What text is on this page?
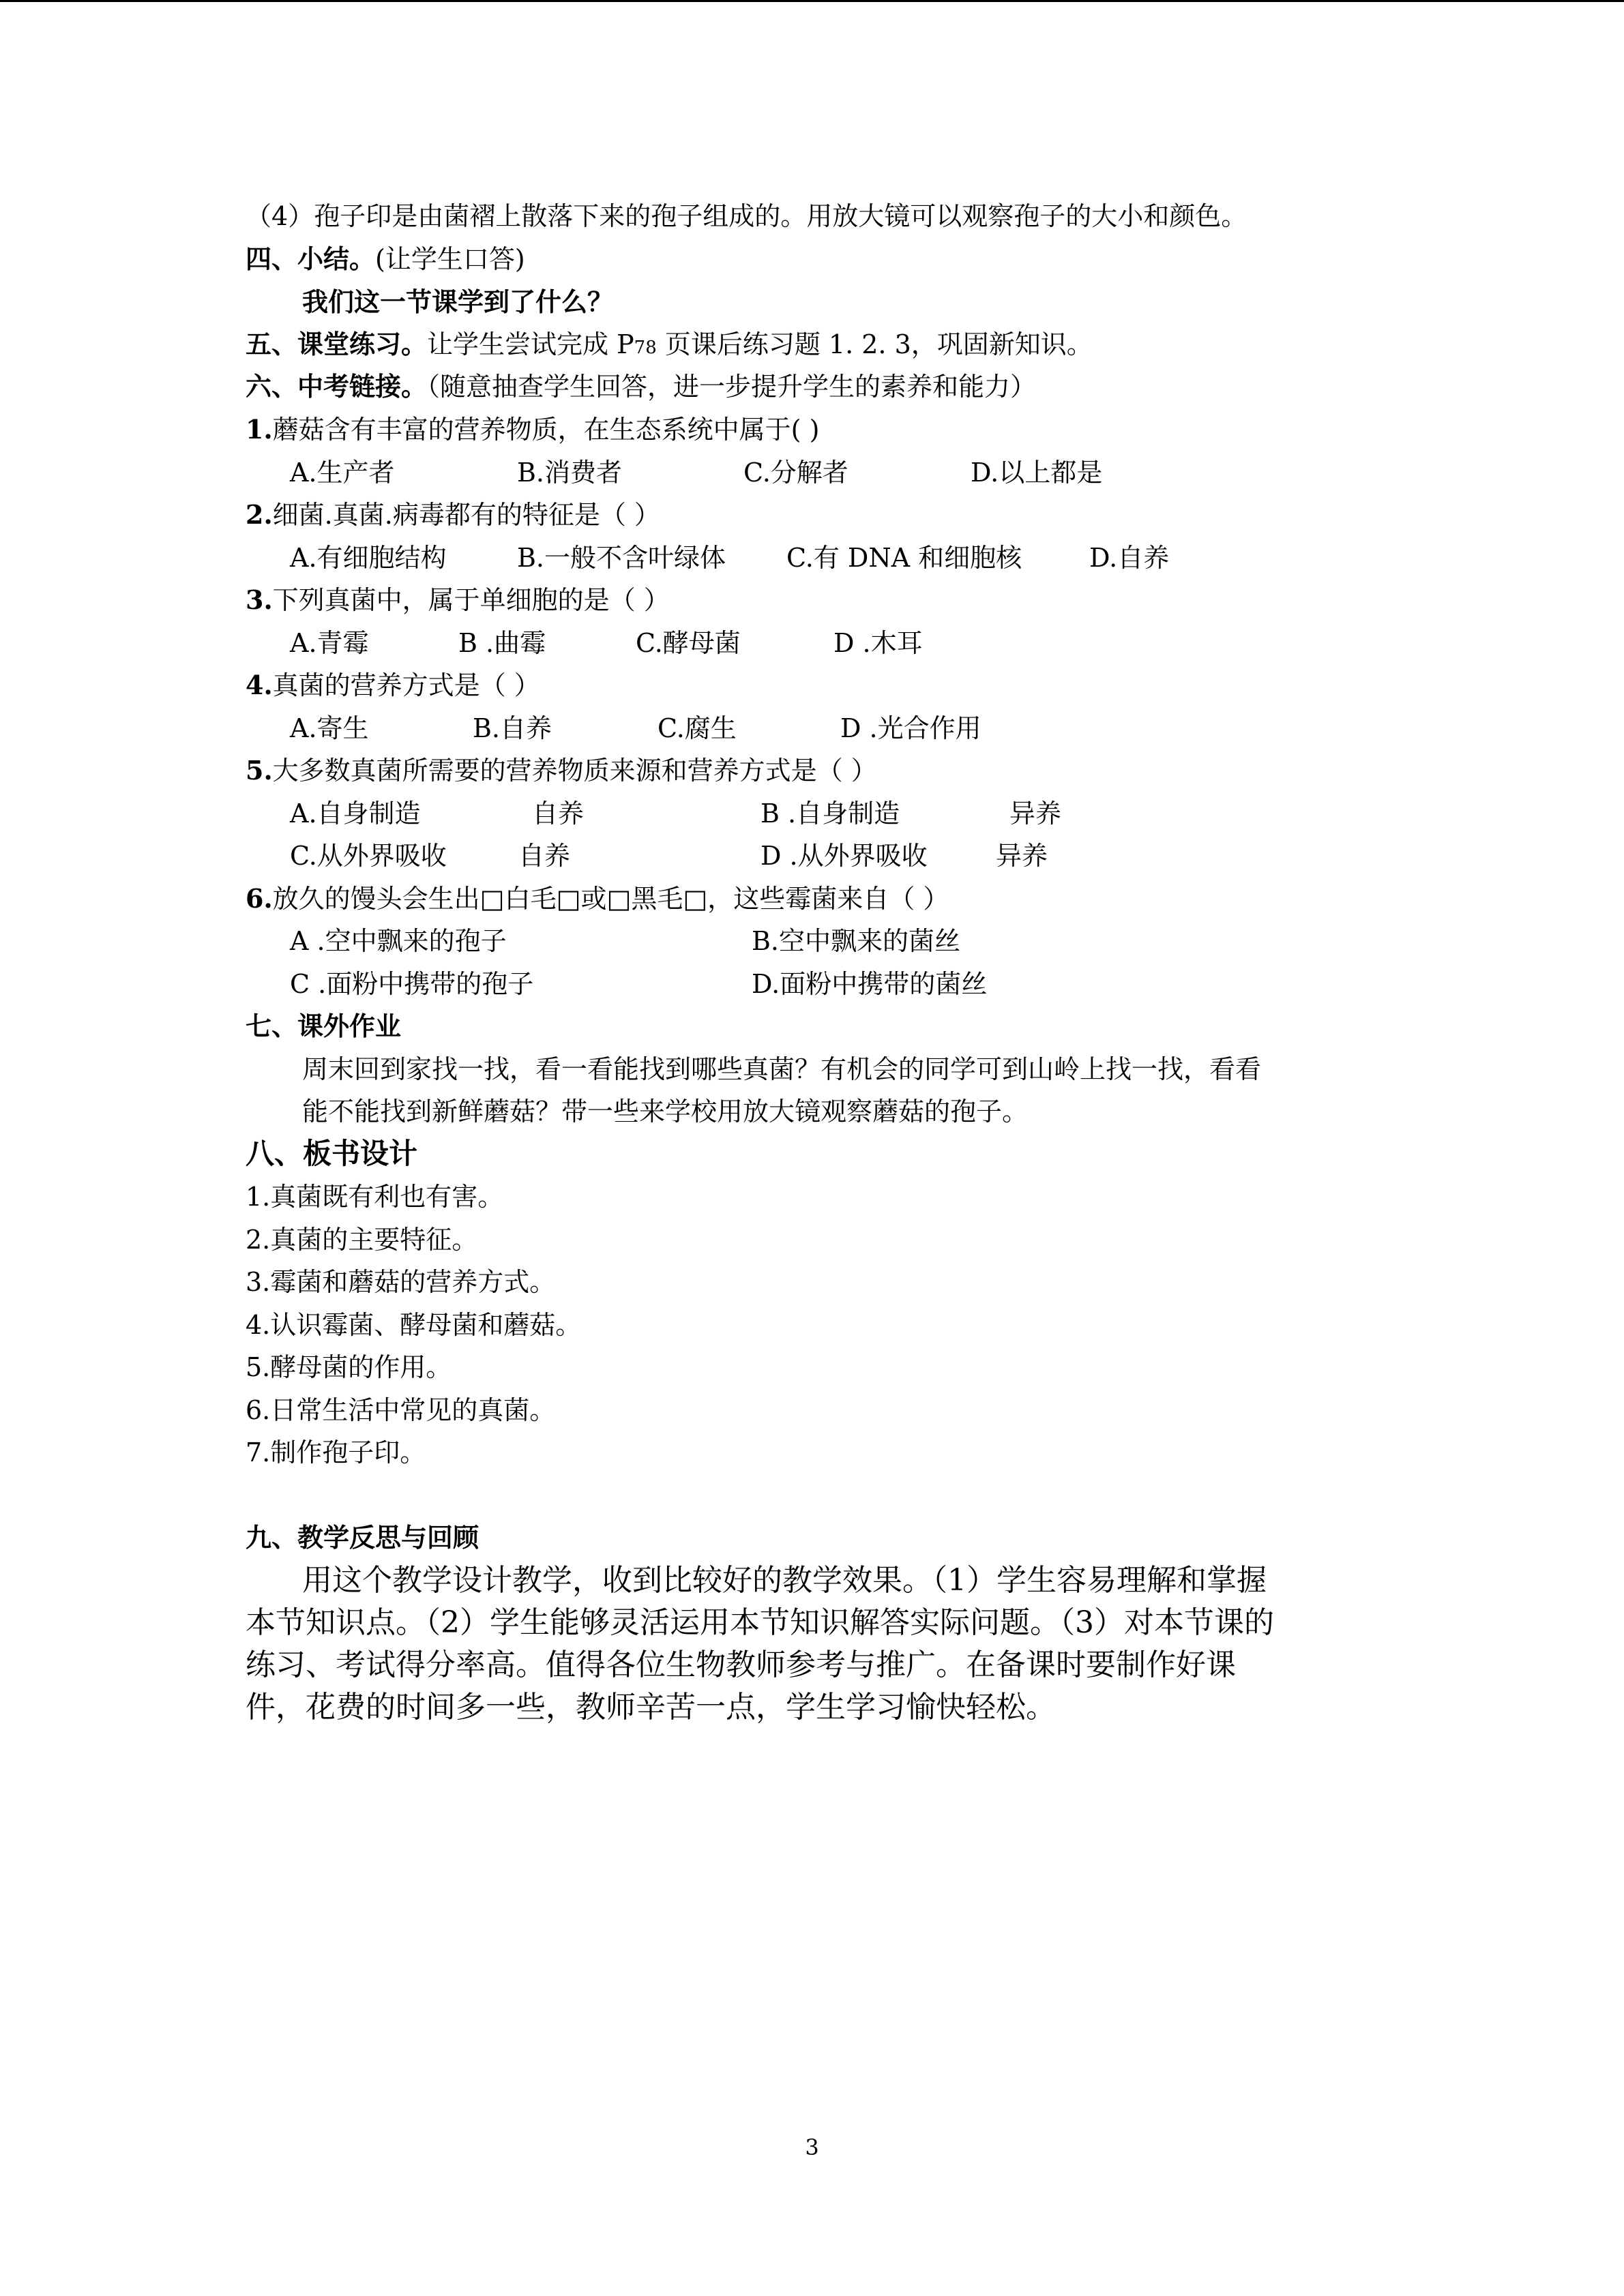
（4）孢子印是由菌褶上散落下来的孢子组成的。用放大镜可以观察孢子的大小和颜色。
四、小结。(让学生口答)
我们这一节课学到了什么？
五、课堂练习。让学生尝试完成 P78 页课后练习题 1. 2. 3，巩固新知识。
六、中考链接。（随意抽查学生回答，进一步提升学生的素养和能力）
1.蘑菇含有丰富的营养物质，在生态系统中属于( )
A.生产者	B.消费者	C.分解者	D.以上都是
2.细菌.真菌.病毒都有的特征是（ ）
A.有细胞结构	B.一般不含叶绿体 C.有 DNA 和细胞核	D.自养
3.下列真菌中，属于单细胞的是（ ）
A.青霉	B .曲霉	C.酵母菌	D .木耳
4.真菌的营养方式是（ ）
A.寄生	B.自养	C.腐生	D .光合作用
5.大多数真菌所需要的营养物质来源和营养方式是（ ）
A.自身制造	自养	B .自身制造	异养
C.从外界吸收	自养	D .从外界吸收	异养
6.放久的馒头会生出□白毛□或□黑毛□，这些霉菌来自（ ）
A .空中飘来的孢子	B.空中飘来的菌丝
C .面粉中携带的孢子	D.面粉中携带的菌丝
七、课外作业
周末回到家找一找，看一看能找到哪些真菌？有机会的同学可到山岭上找一找，看看
能不能找到新鲜蘑菇？带一些来学校用放大镜观察蘑菇的孢子。
八、板书设计
1.真菌既有利也有害。
2.真菌的主要特征。
3.霉菌和蘑菇的营养方式。
4.认识霉菌、酵母菌和蘑菇。
5.酵母菌的作用。
6.日常生活中常见的真菌。
7.制作孢子印。
九、教学反思与回顾
用这个教学设计教学，收到比较好的教学效果。（1）学生容易理解和掌握
本节知识点。（2）学生能够灵活运用本节知识解答实际问题。（3）对本节课的
练习、考试得分率高。值得各位生物教师参考与推广。在备课时要制作好课
件，花费的时间多一些，教师辛苦一点，学生学习愉快轻松。
3
